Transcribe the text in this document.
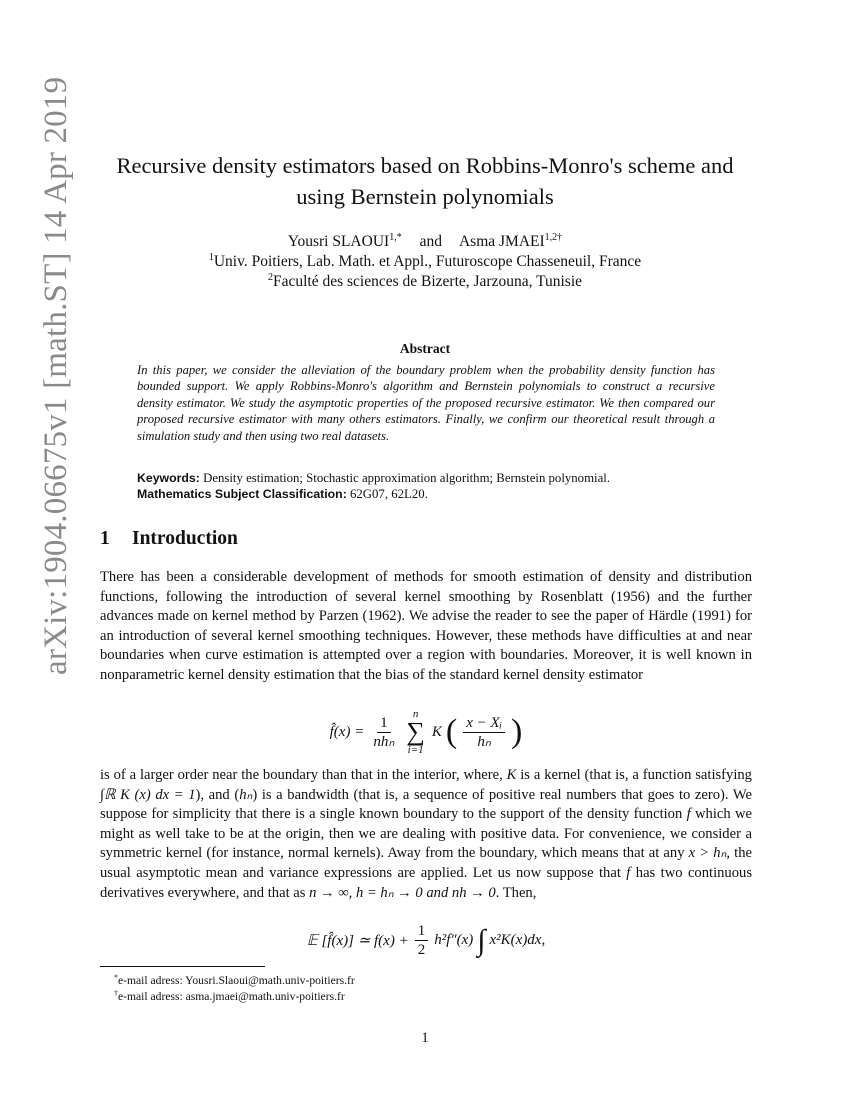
arXiv:1904.06675v1 [math.ST] 14 Apr 2019	Recursive density estimators based on Robbins-Monro's scheme and
using Bernstein polynomials
Yousri $SLAOUI^{1,*}$ and Asma $JMAEI^{1,2\dagger}$
$^1$Univ. Poitiers, Lab. Math. et Appl., Futuroscope Chasseneuil, France
$^2$Faculté des sciences de Bizerte, Jarzouna, Tunisie
Abstract

In this paper, we consider the alleviation of the boundary problem when the probability density function has bounded support. We apply Robbins-Monro's algorithm and Bernstein polynomials to construct a recursive density estimator. We study the asymptotic properties of the proposed recursive estimator. We then compared our proposed recursive estimator with many others estimators. Finally, we confirm our theoretical result through a simulation study and then using two real datasets.

Keywords: Density estimation; Stochastic approximation algorithm; Bernstein polynomial.
Mathematics Subject Classification: 62G07, 62L20.
1 Introduction

There has been a considerable development of methods for smooth estimation of density and distribution functions, following the introduction of several kernel smoothing by Rosenblatt (1956) and the further advances made on kernel method by Parzen (1962). We advise the reader to see the paper of Härdle (1991) for an introduction of several kernel smoothing techniques. However, these methods have difficulties at and near boundaries when curve estimation is attempted over a region with boundaries. Moreover, it is well known in nonparametric kernel density estimation that the bias of the standard kernel density estimator

f̂(x) = $\frac{1}{\text{nhₙ}}$ n
∑
i=1
K ( $\frac{\text{x − Xᵢ}}{\text{hₙ}}$ )

is of a larger order near the boundary than that in the interior, where, K is a kernel (that is, a function satisfying ∫ℝ K (x) dx = 1), and (hₙ) is a bandwidth (that is, a sequence of positive real numbers that goes to zero). We suppose for simplicity that there is a single known boundary to the support of the density function f which we might as well take to be at the origin, then we are dealing with positive data. For convenience, we consider a symmetric kernel (for instance, normal kernels). Away from the boundary, which means that at any x > hₙ, the usual asymptotic mean and variance expressions are applied. Let us now suppose that f has two continuous derivatives everywhere, and that as n → ∞, h = hₙ → 0 and nh → 0. Then,

𝔼 [f̂(x)] ≃ $f(x) + \frac{1}{2} h^2f''(x)$ ∫ x²K(x)dx,
*e-mail adress: Yousri.Slaoui@math.univ-poitiers.fr
†e-mail adress: asma.jmaei@math.univ-poitiers.fr
1
